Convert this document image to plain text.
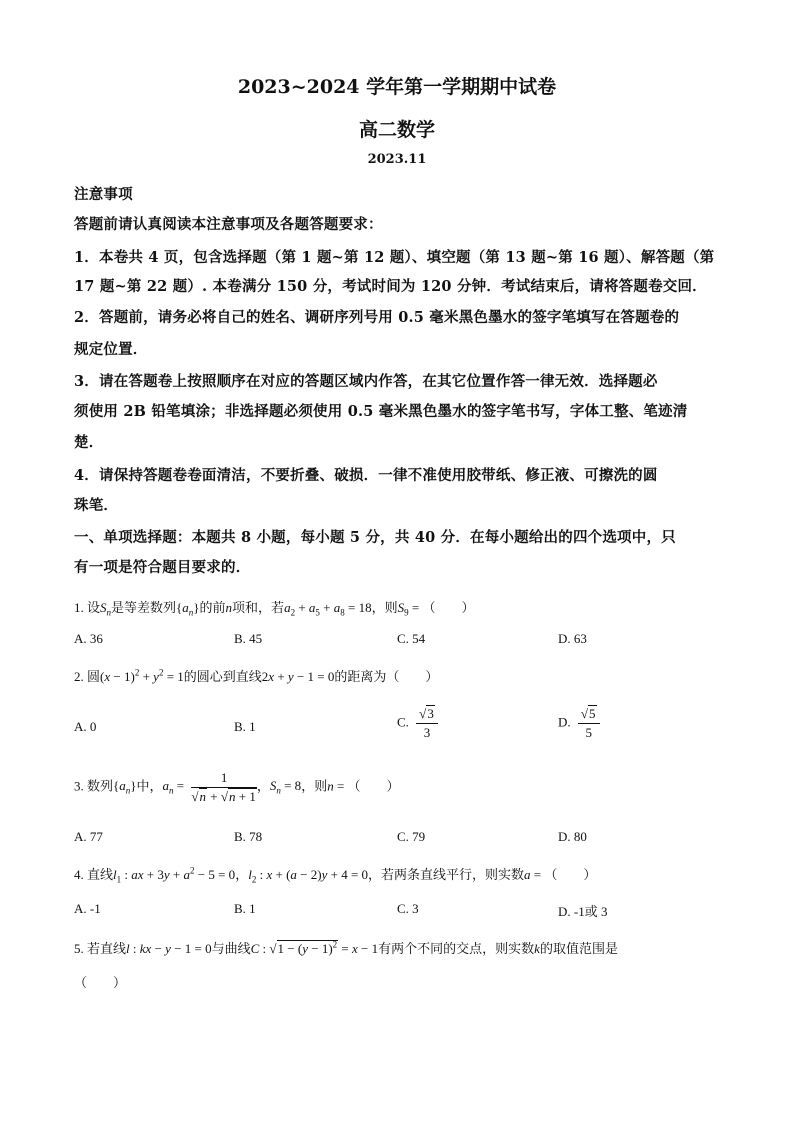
2023~2024 学年第一学期期中试卷
高二数学
2023.11
注意事项
答题前请认真阅读本注意事项及各题答题要求：
1．本卷共 4 页，包含选择题（第 1 题~第 12 题）、填空题（第 13 题~第 16 题）、解答题（第
17 题~第 22 题）. 本卷满分 150 分，考试时间为 120 分钟．考试结束后，请将答题卷交回．
2．答题前，请务必将自己的姓名、调研序列号用 0.5 毫米黑色墨水的签字笔填写在答题卷的
规定位置．
3．请在答题卷上按照顺序在对应的答题区域内作答，在其它位置作答一律无效．选择题必
须使用 2B 铅笔填涂；非选择题必须使用 0.5 毫米黑色墨水的签字笔书写，字体工整、笔迹清
楚．
4．请保持答题卷卷面清洁，不要折叠、破损．一律不准使用胶带纸、修正液、可擦洗的圆
珠笔．
一、单项选择题：本题共 8 小题，每小题 5 分，共 40 分．在每小题给出的四个选项中，只
有一项是符合题目要求的．
1. 设$S_n$是等差数列$\{a_n\}$的前n项和，若$a_2 + a_5 + a_8 = 18$，则$S_9$ = （　　）
A. 36	B. 45	C. 54	D. 63
2. 圆$(x - 1)^2 + y^2 = 1$的圆心到直线2x + y − 1 = 0的距离为（　　）
A. 0	B. 1	C. $\frac{√3}{3}$	D. $\frac{√5}{5}$
3. 数列$\{a_n\}$中，$a_n = \frac{1}{√n + √n + 1}$ ，$S_n = 8$，则n = （　　）
A. 77	B. 78	C. 79	D. 80
4. 直线$l_1$ : ax + $3y + a^2 - 5 = 0$，$l_2$ : x + (a − 2)y + 4 = 0，若两条直线平行，则实数a = （　　）
A. -1	B. 1	C. 3	D. -1或 3
5. 若直线l : kx − y − 1 = 0与曲线C : $√1 - (y - 1)^2 = x - 1$有两个不同的交点，则实数k的取值范围是
（　　）
